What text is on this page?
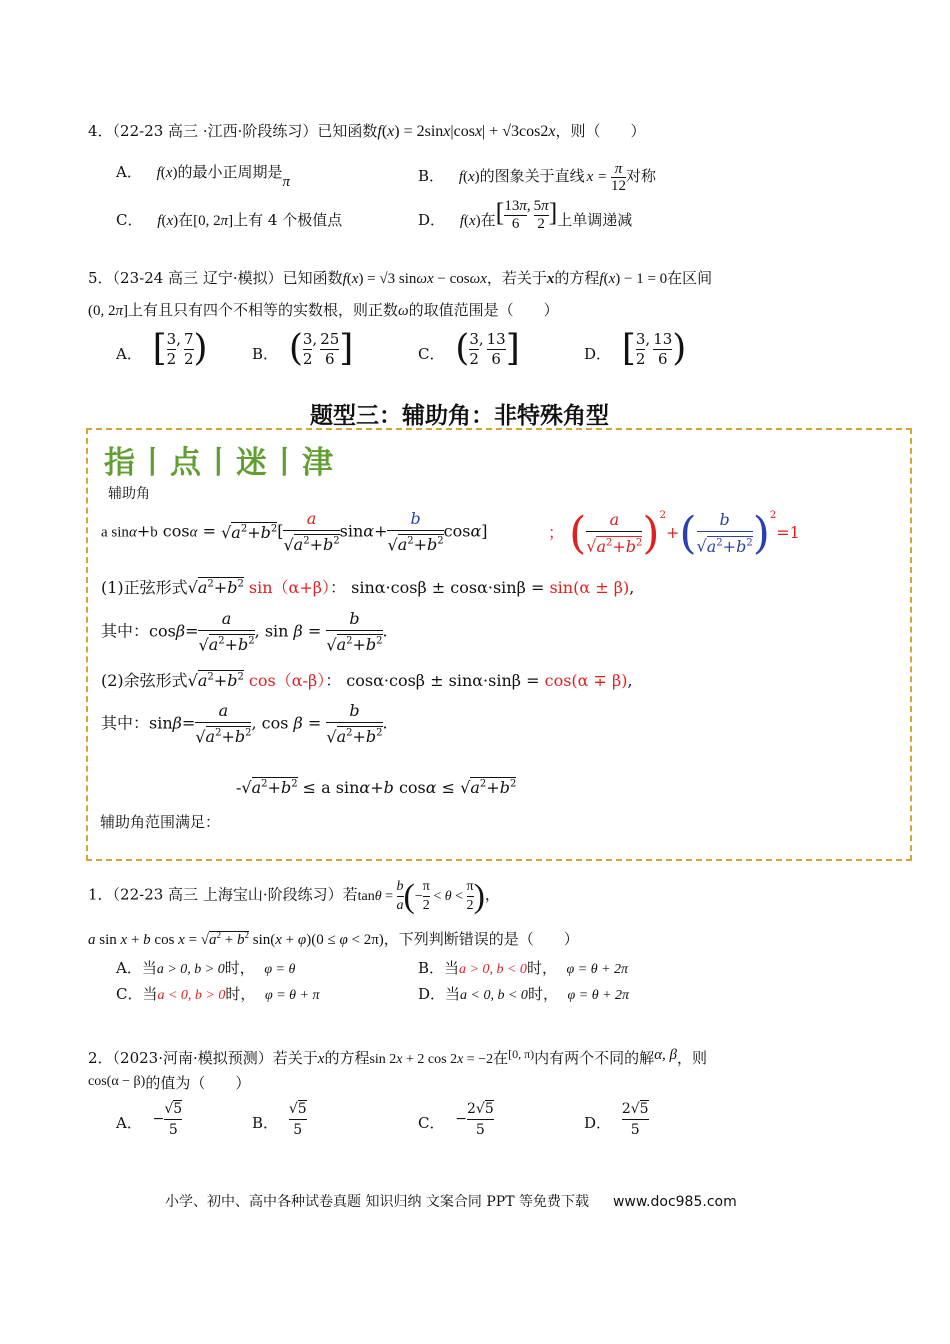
4．（22-23 高三 ·江西·阶段练习）已知函数f(x) = 2sinx|cosx| + √3cos2x，则（　　）
A． f(x)的最小正周期是π	B． f(x)的图象关于直线 $x = \frac{\pi}{12}$ 对称
C． f(x)在[0, 2π]上有 4 个极值点	D． f(x)在[ $\frac{13\pi}{6}$ , $\frac{5\pi}{2}$ ]上单调递减
5．（23-24 高三 辽宁·模拟）已知函数f(x) = √3 sinωx − cosωx，若关于x的方程f(x) − 1 = 0在区间
(0, 2π]上有且只有四个不相等的实数根，则正数ω的取值范围是（　　）
A． [ $\frac{3}{2}$ , $\frac{7}{2}$ )	B． ( $\frac{3}{2}$ , $\frac{25}{6}$ ]	C． ( $\frac{3}{2}$ , $\frac{13}{6}$ ]	D． [ $\frac{3}{2}$ , $\frac{13}{6}$ )
题型三：辅助角：非特殊角型
指丨点丨迷丨津
辅助角
a sinα+b $\cos\alpha = √a^2+b^2[ \frac{a}{√a^2+b^2} \sin\alpha+ \frac{b}{√a^2+b^2} \cos\alpha]$	； ( $\frac{a}{√a^2+b^2} )^2+( \frac{b}{√a^2+b^2} )^2=1$
(1)正弦形式$√a^2+b^2$ sin（α+β）： sinα·cosβ ± cosα·sinβ = sin(α ± β),
其中：$\cos\beta= \frac{a}{√a^2+b^2}$ , $\sin \beta = \frac{b}{√a^2+b^2}$ .
(2)余弦形式$√a^2+b^2$ cos（α-β）： cosα·cosβ ± sinα·sinβ = cos(α ∓ β),
其中：$\sin\beta= \frac{a}{√a^2+b^2}$ , $\cos \beta = \frac{b}{√a^2+b^2}$ .
$-√a^2+b^2 \le a$ sinα+b $\cos\alpha \le √a^2+b^2$
辅助角范围满足：
1．（22-23 高三 上海宝山·阶段练习）若$\tan\theta = \frac{b}{a}$ (− $\frac{\pi}{2} < \theta < \frac{\pi}{2}$ )，
a sin x + b $\cos x = √a^2 + b^2$ sin(x + φ)(0 ≤ φ < 2π)，下列判断错误的是（　　）
A．当a > 0, b > 0时， φ = θ	B．当a > 0, b < 0时， φ = θ + 2π
C．当a < 0, b > 0时， φ = θ + π	D．当a < 0, b < 0时， φ = θ + 2π
2．（2023·河南·模拟预测）若关于x的方程sin 2x + 2 cos 2x = −2在$^{[0, \pi)}$内有两个不同的解α, β，则
cos(α − β)的值为（　　）
A． − $\frac{√5}{5}$	B． $\frac{√5}{5}$	C． − $\frac{2√5}{5}$	D． $\frac{2√5}{5}$
小学、初中、高中各种试卷真题 知识归纳 文案合同 PPT 等免费下载 www.doc985.com
